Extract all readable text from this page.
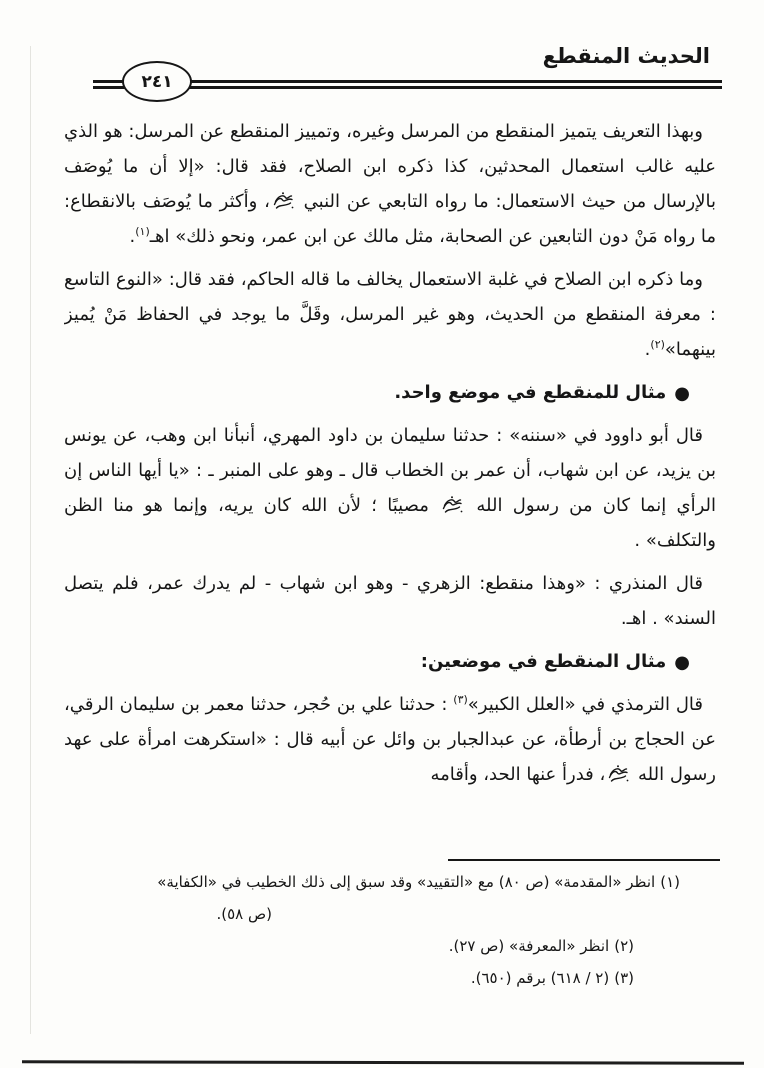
الحديث المنقطع
٢٤١

وبهذا التعريف يتميز المنقطع من المرسل وغيره، وتمييز المنقطع عن المرسل: هو الذي عليه غالب استعمال المحدثين، كذا ذكره ابن الصلاح، فقد قال: «إلا أن ما يُوصَف بالإرسال من حيث الاستعمال: ما رواه التابعي عن النبي ، وأكثر ما يُوصَف بالانقطاع: ما رواه مَنْ دون التابعين عن الصحابة، مثل مالك عن ابن عمر، ونحو ذلك» اهـ$^{(١)}$.

وما ذكره ابن الصلاح في غلبة الاستعمال يخالف ما قاله الحاكم، فقد قال: «النوع التاسع : معرفة المنقطع من الحديث، وهو غير المرسل، وقَلَّ ما يوجد في الحفاظ مَنْ يُميز بينهما»$^{(٢)}$.

●مثال للمنقطع في موضع واحد.

قال أبو داوود في «سننه» : حدثنا سليمان بن داود المهري، أنبأنا ابن وهب، عن يونس بن يزيد، عن ابن شهاب، أن عمر بن الخطاب قال ـ وهو على المنبر ـ : «يا أيها الناس إن الرأي إنما كان من رسول الله  مصيبًا ؛ لأن الله كان يريه، وإنما هو منا الظن والتكلف» .

قال المنذري : «وهذا منقطع: الزهري - وهو ابن شهاب - لم يدرك عمر، فلم يتصل السند» . اهـ.

●مثال المنقطع في موضعين:

قال الترمذي في «العلل الكبير»$^{(٣)}$ : حدثنا علي بن حُجر، حدثنا معمر بن سليمان الرقي، عن الحجاج بن أرطأة، عن عبدالجبار بن وائل عن أبيه قال : «استكرهت امرأة على عهد رسول الله ، فدرأ عنها الحد، وأقامه

(١)انظر «المقدمة» (ص ٨٠) مع «التقييد» وقد سبق إلى ذلك الخطيب في «الكفاية»
(ص ٥٨).
(٢)انظر «المعرفة» (ص ٢٧).
(٣)(٢ / ٦١٨) برقم (٦٥٠).
